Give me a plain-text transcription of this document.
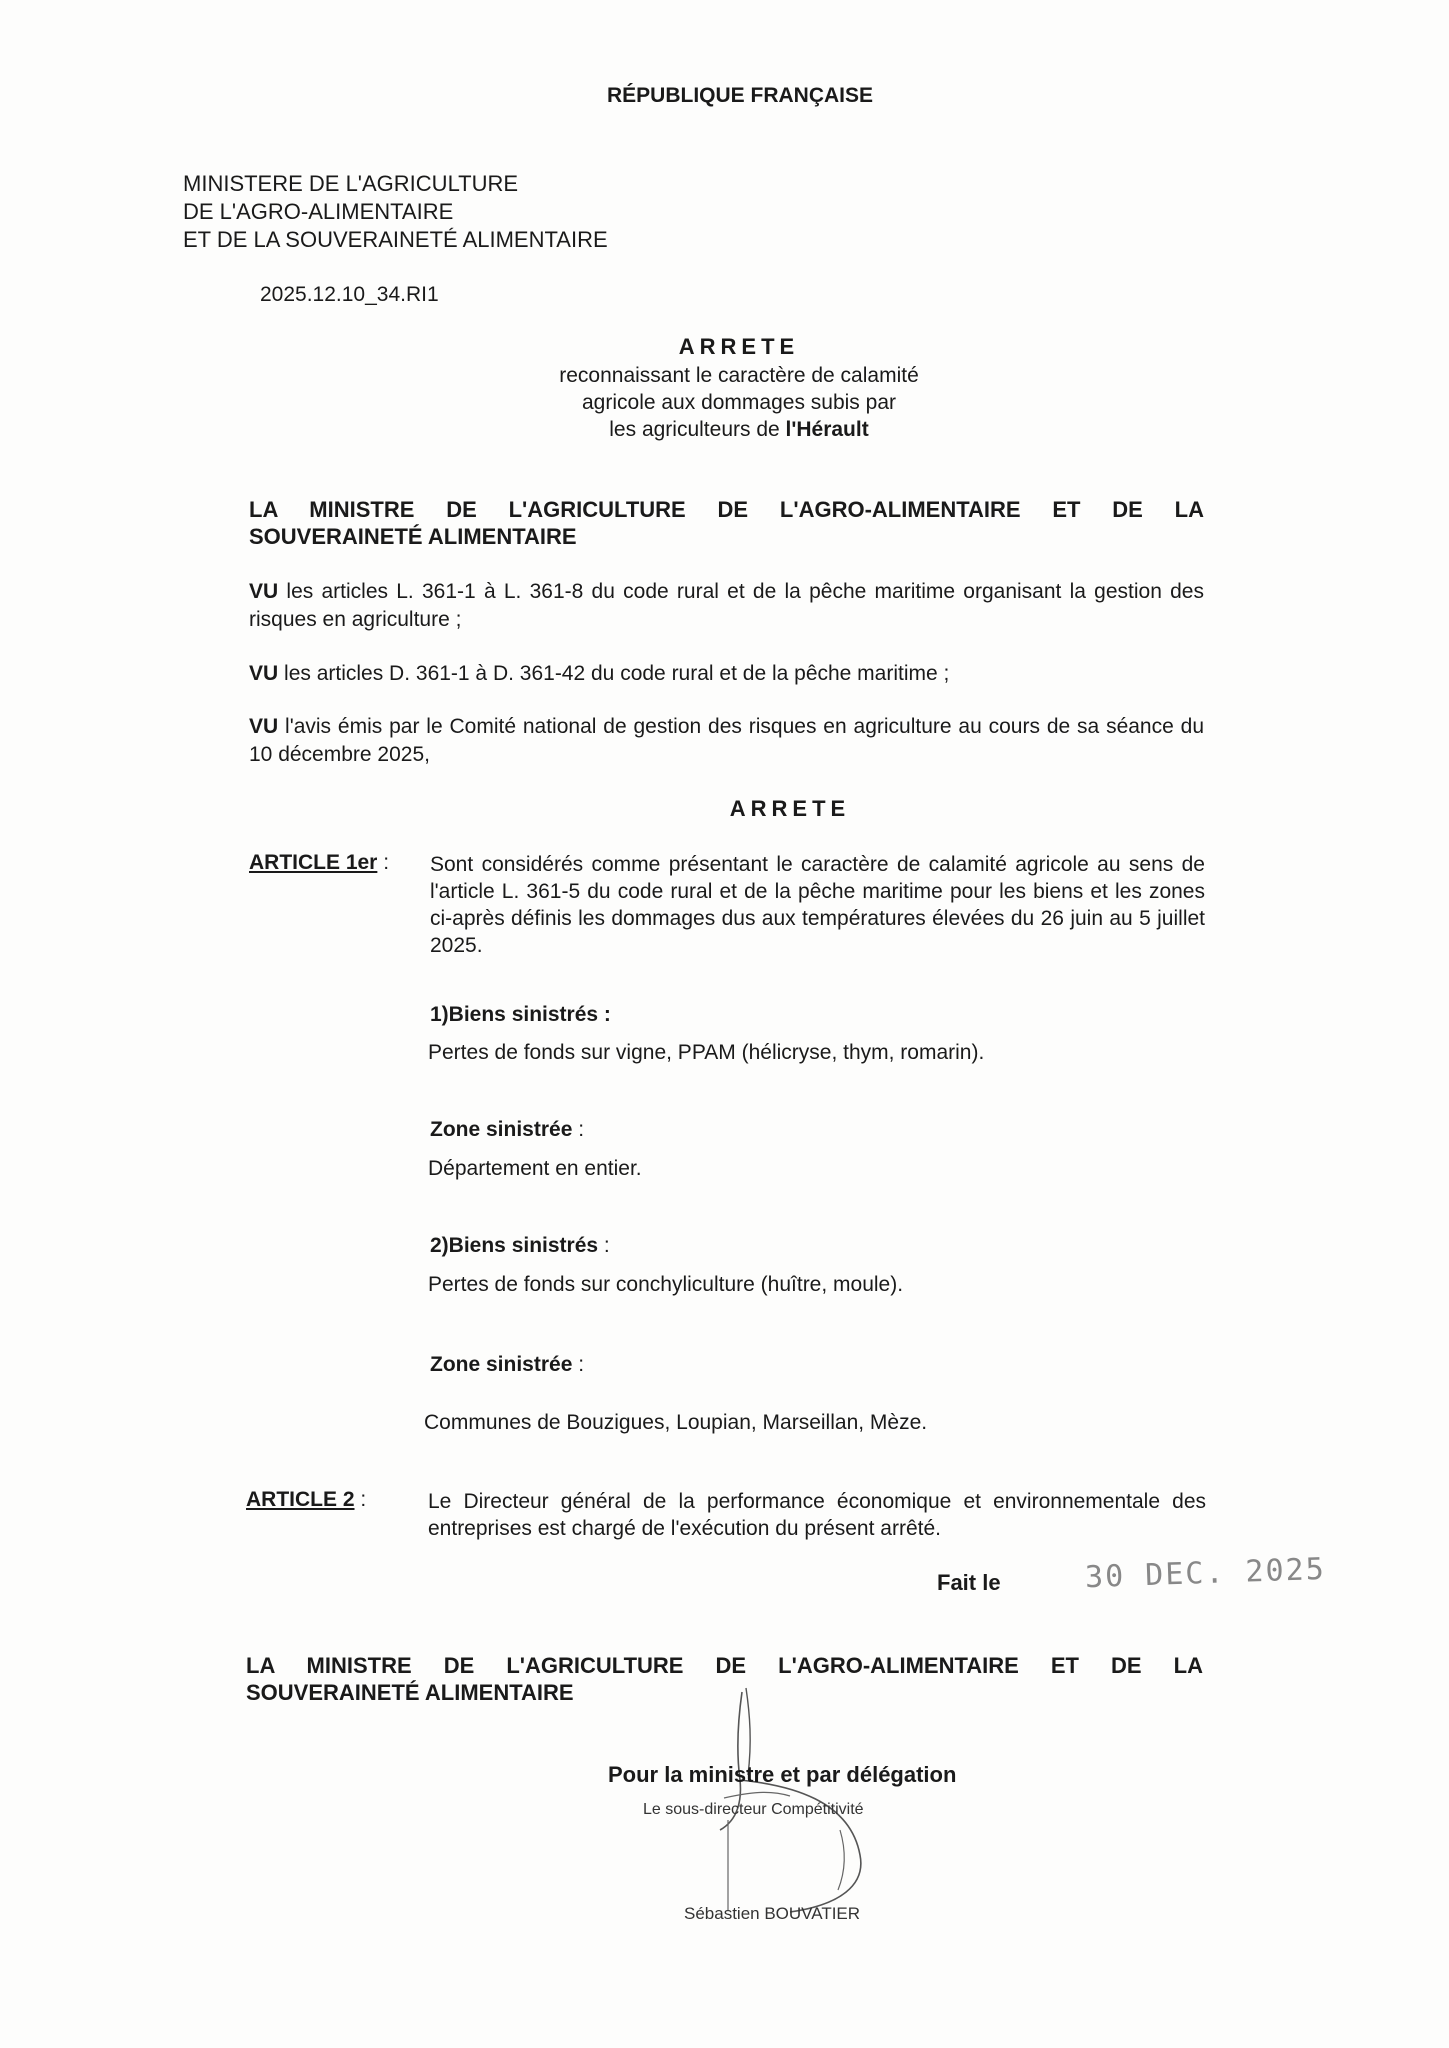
RÉPUBLIQUE FRANÇAISE
MINISTERE DE L'AGRICULTURE
DE L'AGRO-ALIMENTAIRE
ET DE LA SOUVERAINETÉ ALIMENTAIRE
2025.12.10_34.RI1
ARRETE
reconnaissant le caractère de calamité
agricole aux dommages subis par
les agriculteurs de l'Hérault
LA MINISTRE DE L'AGRICULTURE DE L'AGRO-ALIMENTAIRE ET DE LA
SOUVERAINETÉ ALIMENTAIRE
VU les articles L. 361-1 à L. 361-8 du code rural et de la pêche maritime organisant la gestion des risques en agriculture ;
VU les articles D. 361-1 à D. 361-42 du code rural et de la pêche maritime ;
VU l'avis émis par le Comité national de gestion des risques en agriculture au cours de sa séance du 10 décembre 2025,
ARRETE
ARTICLE 1er : Sont considérés comme présentant le caractère de calamité agricole au sens de l'article L. 361-5 du code rural et de la pêche maritime pour les biens et les zones ci-après définis les dommages dus aux températures élevées du 26 juin au 5 juillet 2025.
1)Biens sinistrés :
Pertes de fonds sur vigne, PPAM (hélicryse, thym, romarin).
Zone sinistrée :
Département en entier.
2)Biens sinistrés :
Pertes de fonds sur conchyliculture (huître, moule).
Zone sinistrée :
Communes de Bouzigues, Loupian, Marseillan, Mèze.
ARTICLE 2 :	Le Directeur général de la performance économique et environnementale des entreprises est chargé de l'exécution du présent arrêté.
Fait le	30 DEC. 2025
LA MINISTRE DE L'AGRICULTURE DE L'AGRO-ALIMENTAIRE ET DE LA
SOUVERAINETÉ ALIMENTAIRE
Pour la ministre et par délégation
Le sous-directeur Compétitivité
Sébastien BOUVATIER
